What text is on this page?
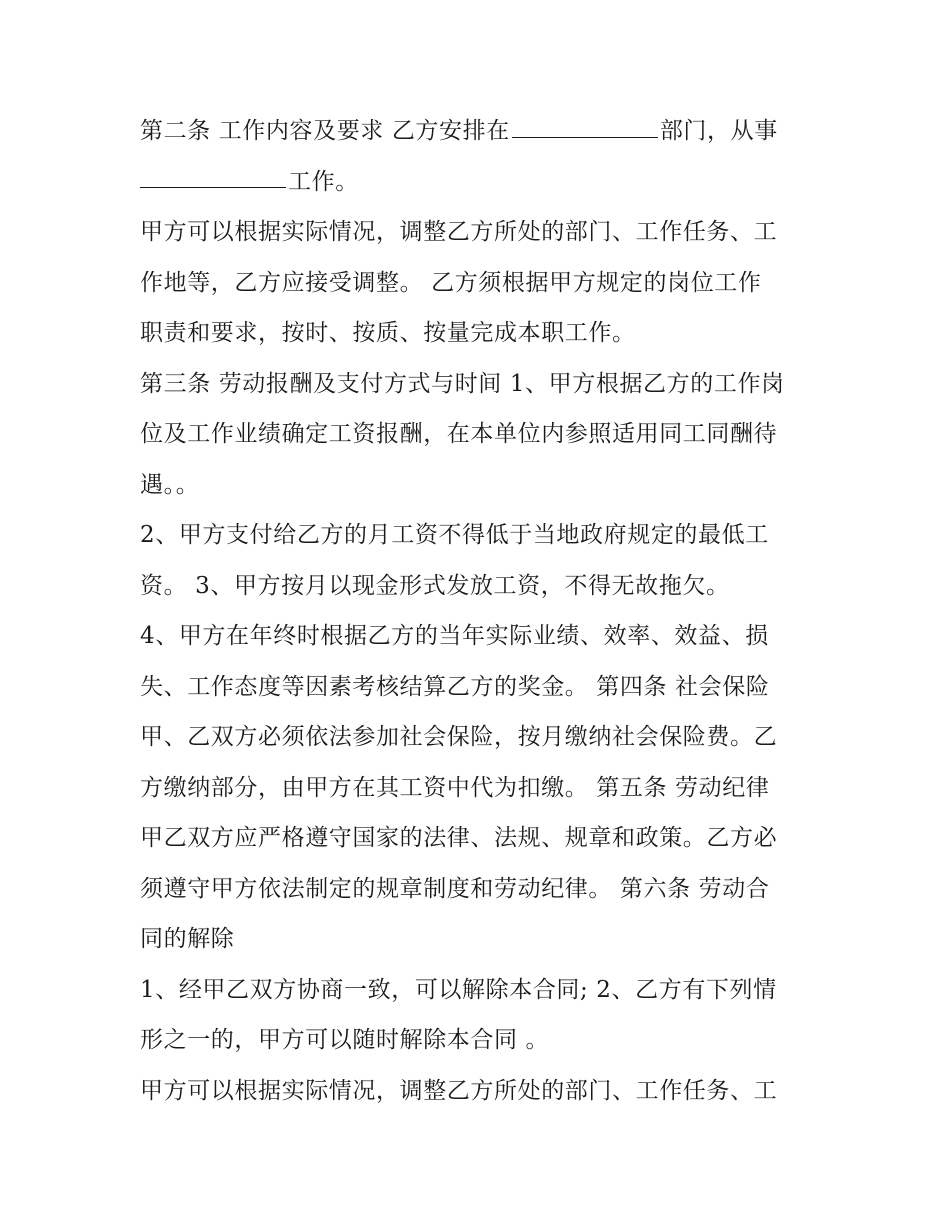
第二条 工作内容及要求 乙方安排在	部门，从事
工作。
甲方可以根据实际情况，调整乙方所处的部门、工作任务、工
作地等，乙方应接受调整。 乙方须根据甲方规定的岗位工作
职责和要求，按时、按质、按量完成本职工作。
第三条 劳动报酬及支付方式与时间 1、甲方根据乙方的工作岗
位及工作业绩确定工资报酬，在本单位内参照适用同工同酬待
遇。。
2、甲方支付给乙方的月工资不得低于当地政府规定的最低工
资。 3、甲方按月以现金形式发放工资，不得无故拖欠。
4、甲方在年终时根据乙方的当年实际业绩、效率、效益、损
失、工作态度等因素考核结算乙方的奖金。 第四条 社会保险
甲、乙双方必须依法参加社会保险，按月缴纳社会保险费。乙
方缴纳部分，由甲方在其工资中代为扣缴。 第五条 劳动纪律
甲乙双方应严格遵守国家的法律、法规、规章和政策。乙方必
须遵守甲方依法制定的规章制度和劳动纪律。 第六条 劳动合
同的解除
1、经甲乙双方协商一致，可以解除本合同; 2、乙方有下列情
形之一的，甲方可以随时解除本合同 。
甲方可以根据实际情况，调整乙方所处的部门、工作任务、工
